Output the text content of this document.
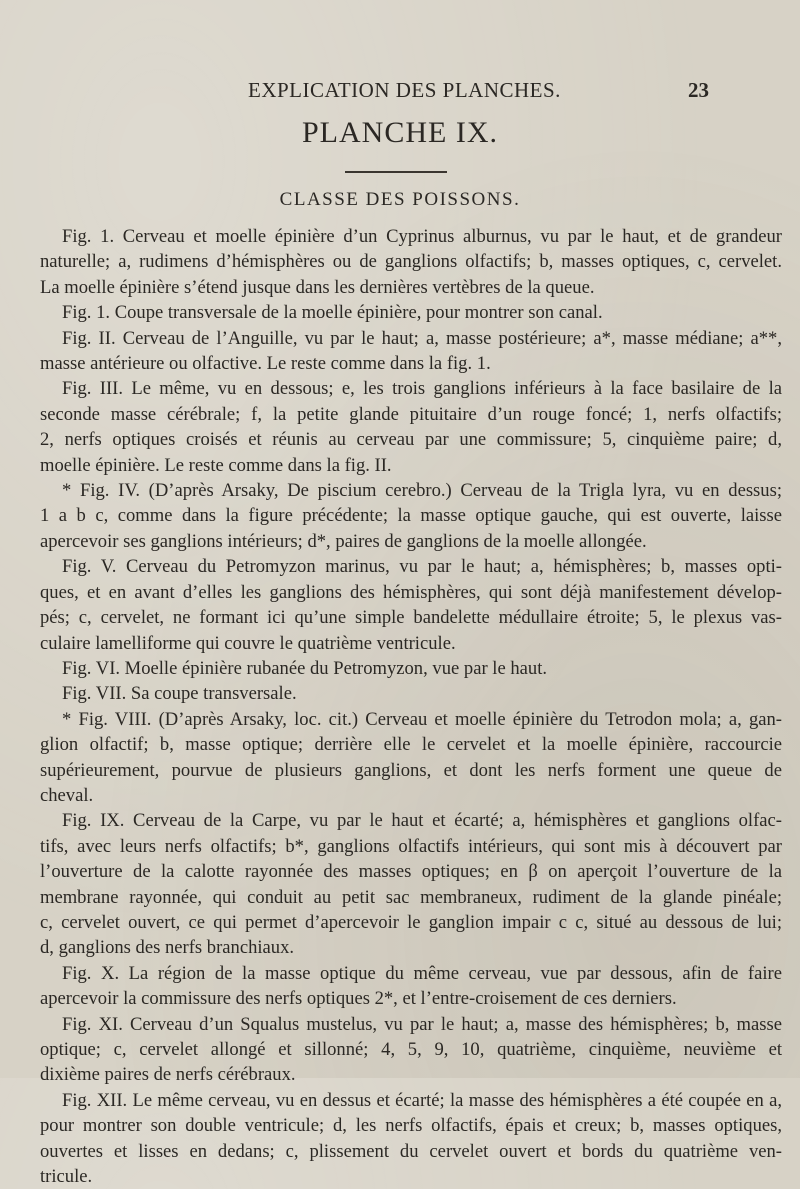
EXPLICATION DES PLANCHES.	23
PLANCHE IX.
CLASSE DES POISSONS.
Fig. 1. Cerveau et moelle épinière d’un Cyprinus alburnus, vu par le haut, et de grandeur
naturelle; a, rudimens d’hémisphères ou de ganglions olfactifs; b, masses optiques, c, cervelet.
La moelle épinière s’étend jusque dans les dernières vertèbres de la queue.
Fig. 1. Coupe transversale de la moelle épinière, pour montrer son canal.
Fig. II. Cerveau de l’Anguille, vu par le haut; a, masse postérieure; a*, masse médiane; a**,
masse antérieure ou olfactive. Le reste comme dans la fig. 1.
Fig. III. Le même, vu en dessous; e, les trois ganglions inférieurs à la face basilaire de la
seconde masse cérébrale; f, la petite glande pituitaire d’un rouge foncé; 1, nerfs olfactifs;
2, nerfs optiques croisés et réunis au cerveau par une commissure; 5, cinquième paire; d,
moelle épinière. Le reste comme dans la fig. II.
* Fig. IV. (D’après Arsaky, De piscium cerebro.) Cerveau de la Trigla lyra, vu en dessus;
1 a b c, comme dans la figure précédente; la masse optique gauche, qui est ouverte, laisse
apercevoir ses ganglions intérieurs; d*, paires de ganglions de la moelle allongée.
Fig. V. Cerveau du Petromyzon marinus, vu par le haut; a, hémisphères; b, masses opti-
ques, et en avant d’elles les ganglions des hémisphères, qui sont déjà manifestement dévelop-
pés; c, cervelet, ne formant ici qu’une simple bandelette médullaire étroite; 5, le plexus vas-
culaire lamelliforme qui couvre le quatrième ventricule.
Fig. VI. Moelle épinière rubanée du Petromyzon, vue par le haut.
Fig. VII. Sa coupe transversale.
* Fig. VIII. (D’après Arsaky, loc. cit.) Cerveau et moelle épinière du Tetrodon mola; a, gan-
glion olfactif; b, masse optique; derrière elle le cervelet et la moelle épinière, raccourcie
supérieurement, pourvue de plusieurs ganglions, et dont les nerfs forment une queue de
cheval.
Fig. IX. Cerveau de la Carpe, vu par le haut et écarté; a, hémisphères et ganglions olfac-
tifs, avec leurs nerfs olfactifs; b*, ganglions olfactifs intérieurs, qui sont mis à découvert par
l’ouverture de la calotte rayonnée des masses optiques; en β on aperçoit l’ouverture de la
membrane rayonnée, qui conduit au petit sac membraneux, rudiment de la glande pinéale;
c, cervelet ouvert, ce qui permet d’apercevoir le ganglion impair c c, situé au dessous de lui;
d, ganglions des nerfs branchiaux.
Fig. X. La région de la masse optique du même cerveau, vue par dessous, afin de faire
apercevoir la commissure des nerfs optiques 2*, et l’entre-croisement de ces derniers.
Fig. XI. Cerveau d’un Squalus mustelus, vu par le haut; a, masse des hémisphères; b, masse
optique; c, cervelet allongé et sillonné; 4, 5, 9, 10, quatrième, cinquième, neuvième et
dixième paires de nerfs cérébraux.
Fig. XII. Le même cerveau, vu en dessus et écarté; la masse des hémisphères a été coupée en a,
pour montrer son double ventricule; d, les nerfs olfactifs, épais et creux; b, masses optiques,
ouvertes et lisses en dedans; c, plissement du cervelet ouvert et bords du quatrième ven-
tricule.
